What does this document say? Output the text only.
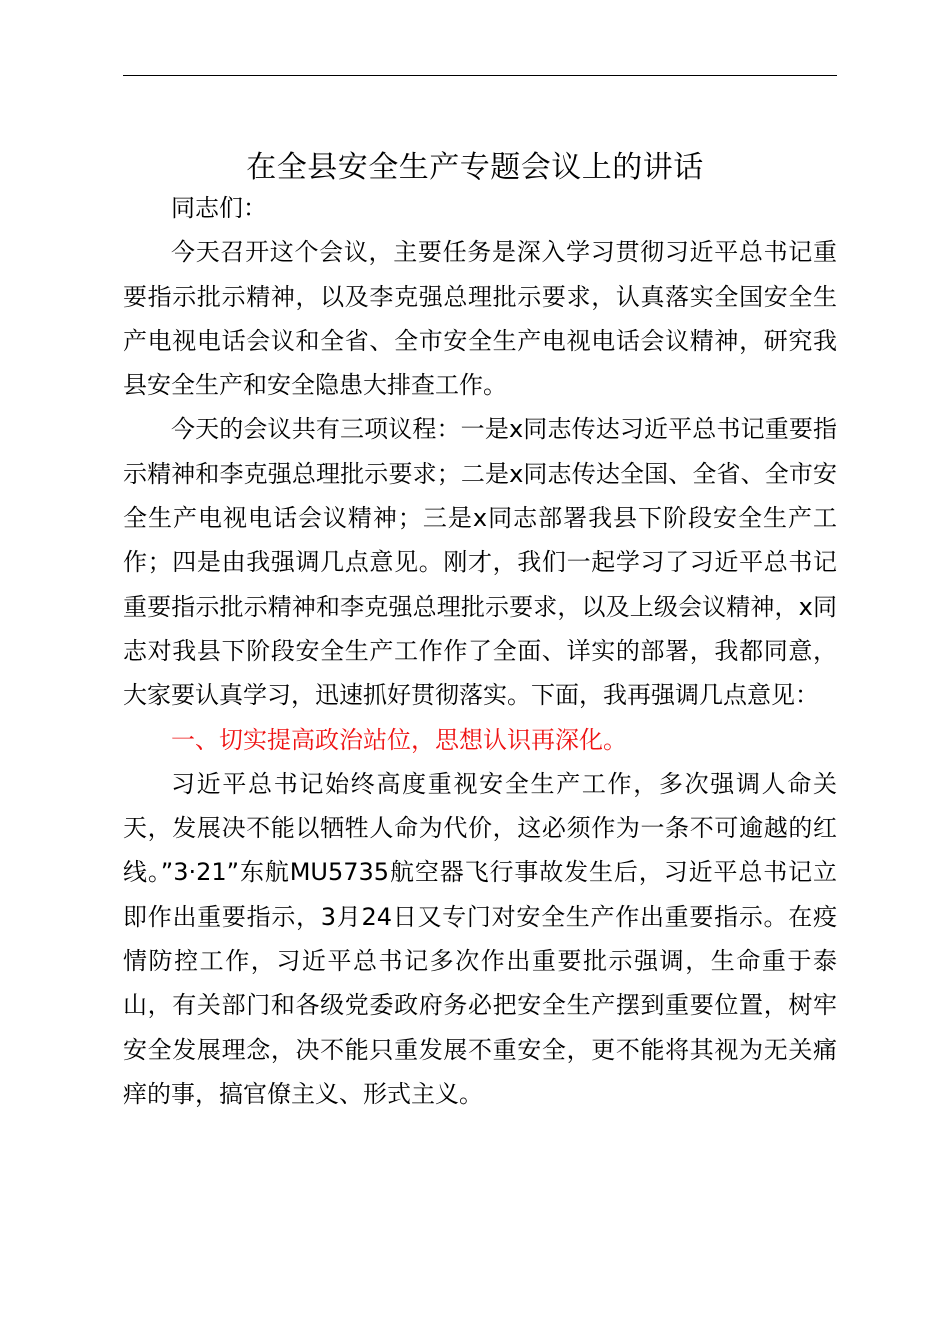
在全县安全生产专题会议上的讲话

同志们：

今天召开这个会议，主要任务是深入学习贯彻习近平总书记重要指示批示精神，以及李克强总理批示要求，认真落实全国安全生产电视电话会议和全省、全市安全生产电视电话会议精神，研究我县安全生产和安全隐患大排查工作。

今天的会议共有三项议程：一是x同志传达习近平总书记重要指示精神和李克强总理批示要求；二是x同志传达全国、全省、全市安全生产电视电话会议精神；三是x同志部署我县下阶段安全生产工作；四是由我强调几点意见。刚才，我们一起学习了习近平总书记重要指示批示精神和李克强总理批示要求，以及上级会议精神，x同志对我县下阶段安全生产工作作了全面、详实的部署，我都同意，大家要认真学习，迅速抓好贯彻落实。下面，我再强调几点意见：

一、切实提高政治站位，思想认识再深化。

习近平总书记始终高度重视安全生产工作，多次强调人命关天，发展决不能以牺牲人命为代价，这必须作为一条不可逾越的红线。”3·21”东航MU5735航空器飞行事故发生后，习近平总书记立即作出重要指示，3月24日又专门对安全生产作出重要指示。在疫情防控工作，习近平总书记多次作出重要批示强调，生命重于泰山，有关部门和各级党委政府务必把安全生产摆到重要位置，树牢安全发展理念，决不能只重发展不重安全，更不能将其视为无关痛痒的事，搞官僚主义、形式主义。
